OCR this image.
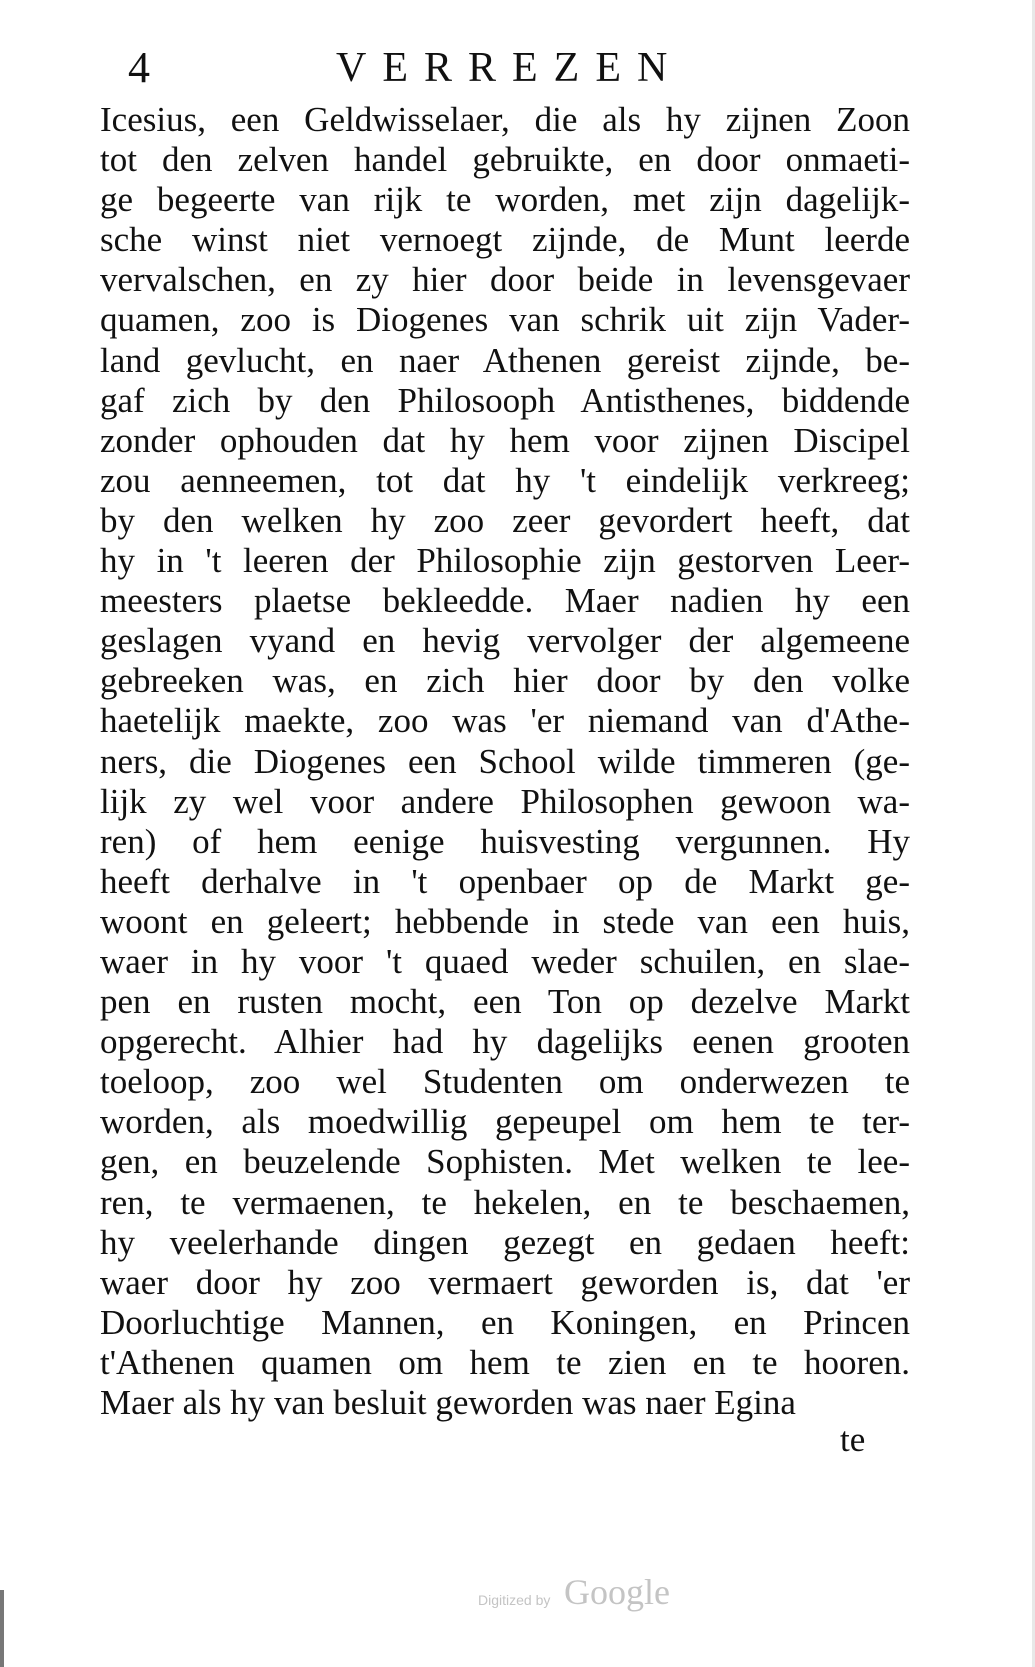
4	VERREZEN
Icesius, een Geldwisselaer, die als hy zijnen Zoon
tot den zelven handel gebruikte, en door onmaeti-
ge begeerte van rijk te worden, met zijn dagelijk-
sche winst niet vernoegt zijnde, de Munt leerde
vervalschen, en zy hier door beide in levensgevaer
quamen, zoo is Diogenes van schrik uit zijn Vader-
land gevlucht, en naer Athenen gereist zijnde, be-
gaf zich by den Philosooph Antisthenes, biddende
zonder ophouden dat hy hem voor zijnen Discipel
zou aenneemen, tot dat hy 't eindelijk verkreeg;
by den welken hy zoo zeer gevordert heeft, dat
hy in 't leeren der Philosophie zijn gestorven Leer-
meesters plaetse bekleedde. Maer nadien hy een
geslagen vyand en hevig vervolger der algemeene
gebreeken was, en zich hier door by den volke
haetelijk maekte, zoo was 'er niemand van d'Athe-
ners, die Diogenes een School wilde timmeren (ge-
lijk zy wel voor andere Philosophen gewoon wa-
ren) of hem eenige huisvesting vergunnen. Hy
heeft derhalve in 't openbaer op de Markt ge-
woont en geleert; hebbende in stede van een huis,
waer in hy voor 't quaed weder schuilen, en slae-
pen en rusten mocht, een Ton op dezelve Markt
opgerecht. Alhier had hy dagelijks eenen grooten
toeloop, zoo wel Studenten om onderwezen te
worden, als moedwillig gepeupel om hem te ter-
gen, en beuzelende Sophisten. Met welken te lee-
ren, te vermaenen, te hekelen, en te beschaemen,
hy veelerhande dingen gezegt en gedaen heeft:
waer door hy zoo vermaert geworden is, dat 'er
Doorluchtige Mannen, en Koningen, en Princen
t'Athenen quamen om hem te zien en te hooren.
Maer als hy van besluit geworden was naer Egina
te
Digitized by Google
